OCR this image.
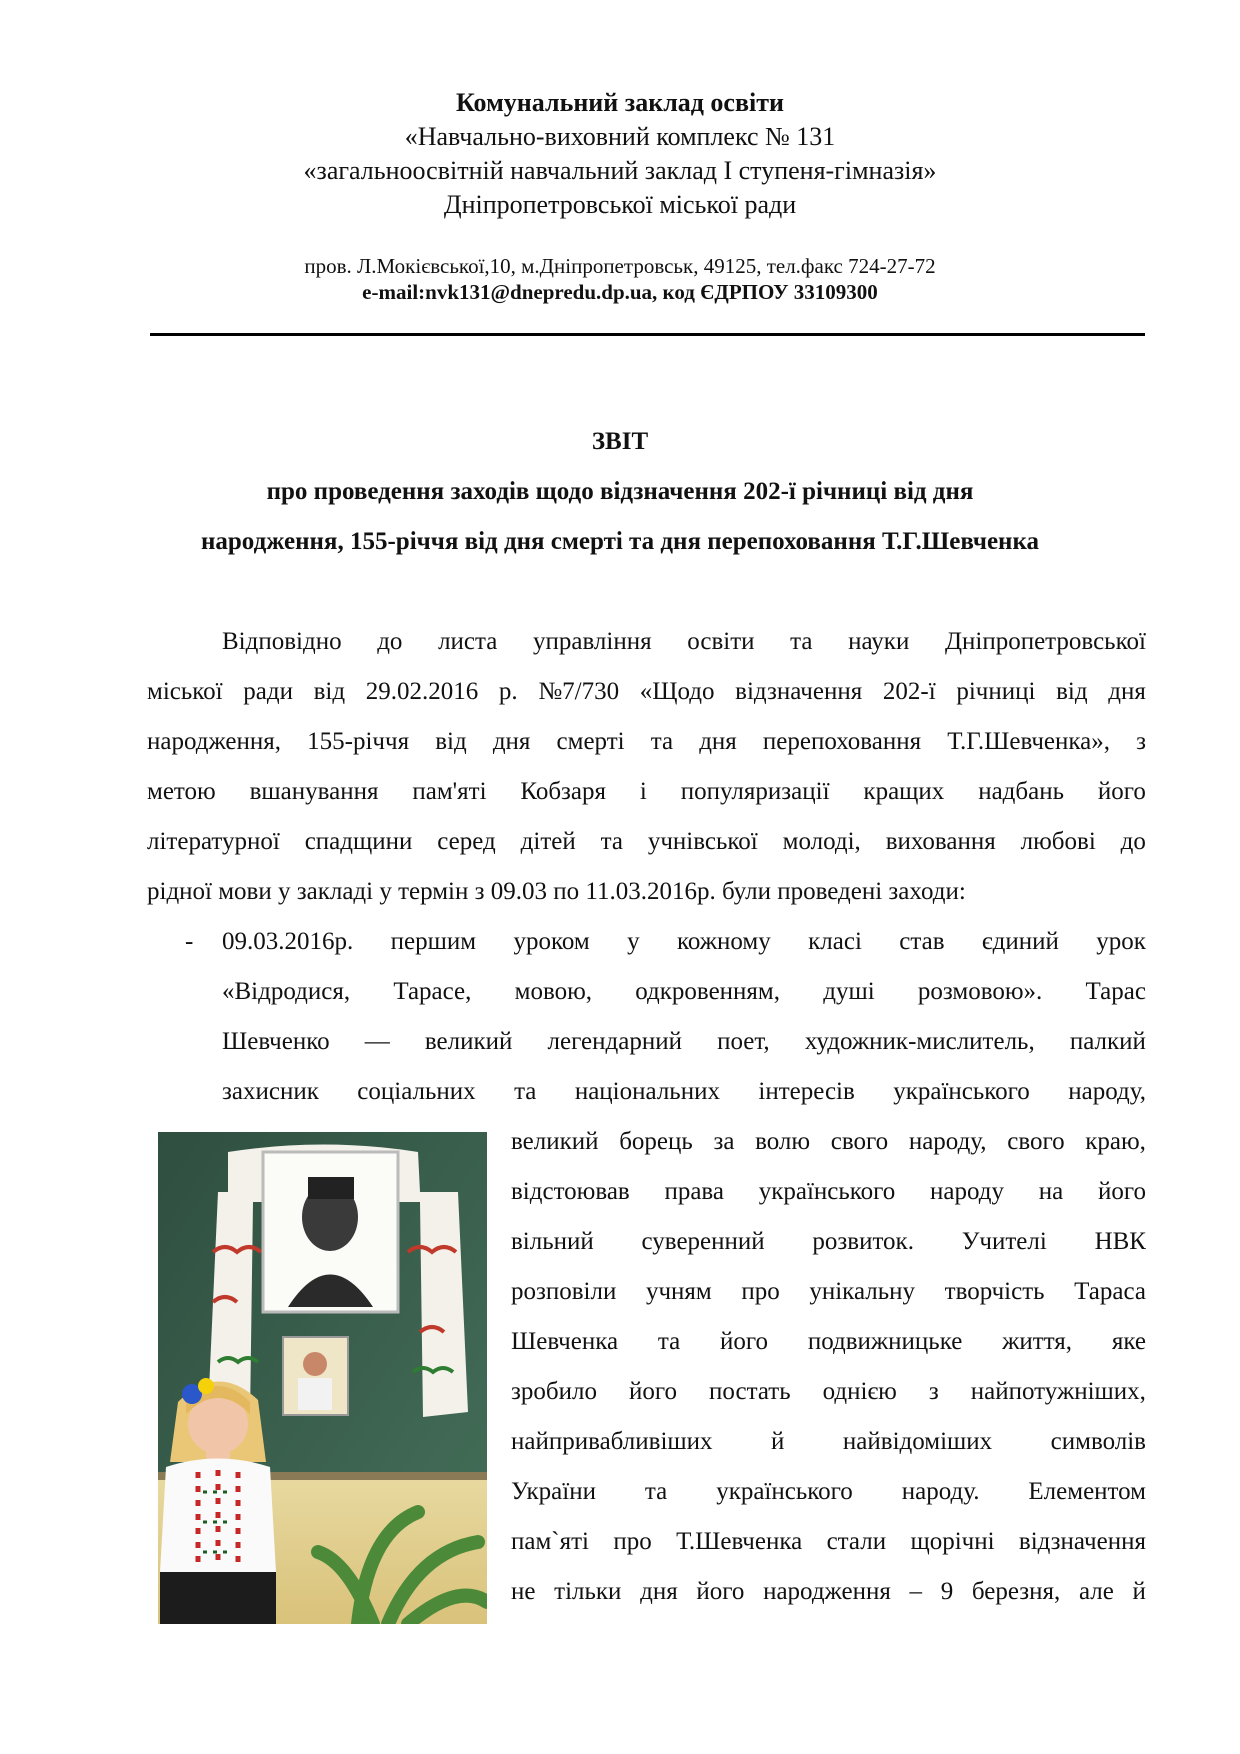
Комунальний заклад освіти
«Навчально-виховний комплекс № 131
«загальноосвітній навчальний заклад І ступеня-гімназія»
Дніпропетровської міської ради
пров. Л.Мокієвської,10, м.Дніпропетровськ, 49125, тел.факс 724-27-72
e-mail:nvk131@dnepredu.dp.ua, код ЄДРПОУ 33109300
ЗВІТ
про проведення заходів щодо відзначення 202-ї річниці від дня
народження, 155-річчя від дня смерті та дня перепоховання Т.Г.Шевченка
Відповідно до листа управління освіти та науки Дніпропетровської
міської ради від 29.02.2016 р. №7/730 «Щодо відзначення 202-ї річниці від дня
народження, 155-річчя від дня смерті та дня перепоховання Т.Г.Шевченка», з
метою вшанування пам'яті Кобзаря і популяризації кращих надбань його
літературної спадщини серед дітей та учнівської молоді, виховання любові до
рідної мови у закладі у термін з 09.03 по 11.03.2016р. були проведені заходи:
- 09.03.2016р. першим уроком у кожному класі став єдиний урок
«Відродися, Тарасе, мовою, одкровенням, душі розмовою». Тарас
Шевченко — великий легендарний поет, художник-мислитель, палкий
захисник соціальних та національних інтересів українського народу,
великий борець за волю свого народу, свого краю,
відстоював права українського народу на його
вільний суверенний розвиток. Учителі НВК
розповіли учням про унікальну творчість Тараса
Шевченка та його подвижницьке життя, яке
зробило його постать однією з найпотужніших,
найпривабливіших й найвідоміших символів
України та українського народу. Елементом
пам`яті про Т.Шевченка стали щорічні відзначення
не тільки дня його народження – 9 березня, але й
